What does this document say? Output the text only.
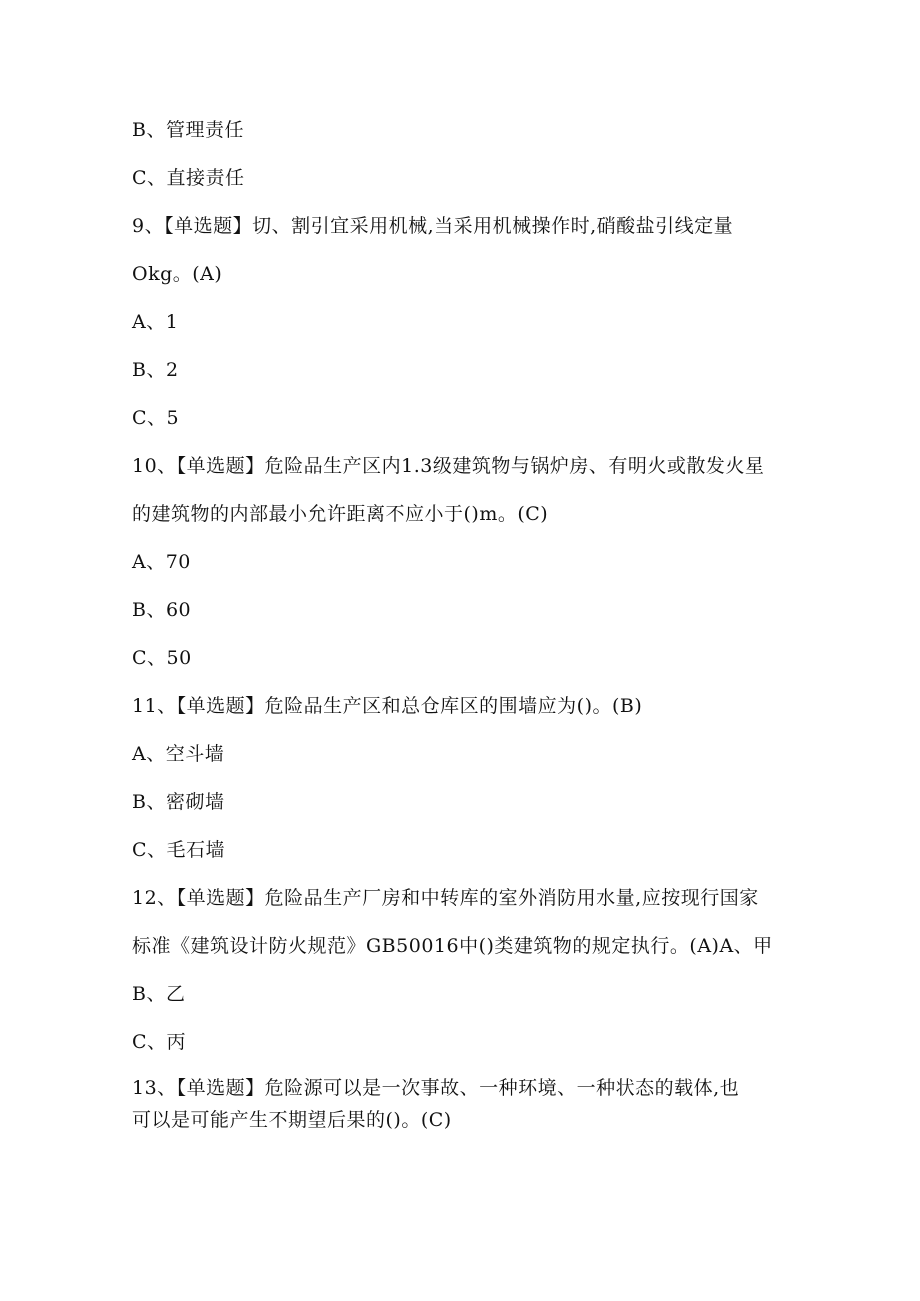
B、管理责任
C、直接责任
9、【单选题】切、割引宜采用机械,当采用机械操作时,硝酸盐引线定量
Okg。(A)
A、1
B、2
C、5
10、【单选题】危险品生产区内1.3级建筑物与锅炉房、有明火或散发火星
的建筑物的内部最小允许距离不应小于()m。(C)
A、70
B、60
C、50
11、【单选题】危险品生产区和总仓库区的围墙应为()。(B)
A、空斗墙
B、密砌墙
C、毛石墙
12、【单选题】危险品生产厂房和中转库的室外消防用水量,应按现行国家
标准《建筑设计防火规范》GB50016中()类建筑物的规定执行。(A)A、甲
B、乙
C、丙
13、【单选题】危险源可以是一次事故、一种环境、一种状态的载体,也
可以是可能产生不期望后果的()。(C)
